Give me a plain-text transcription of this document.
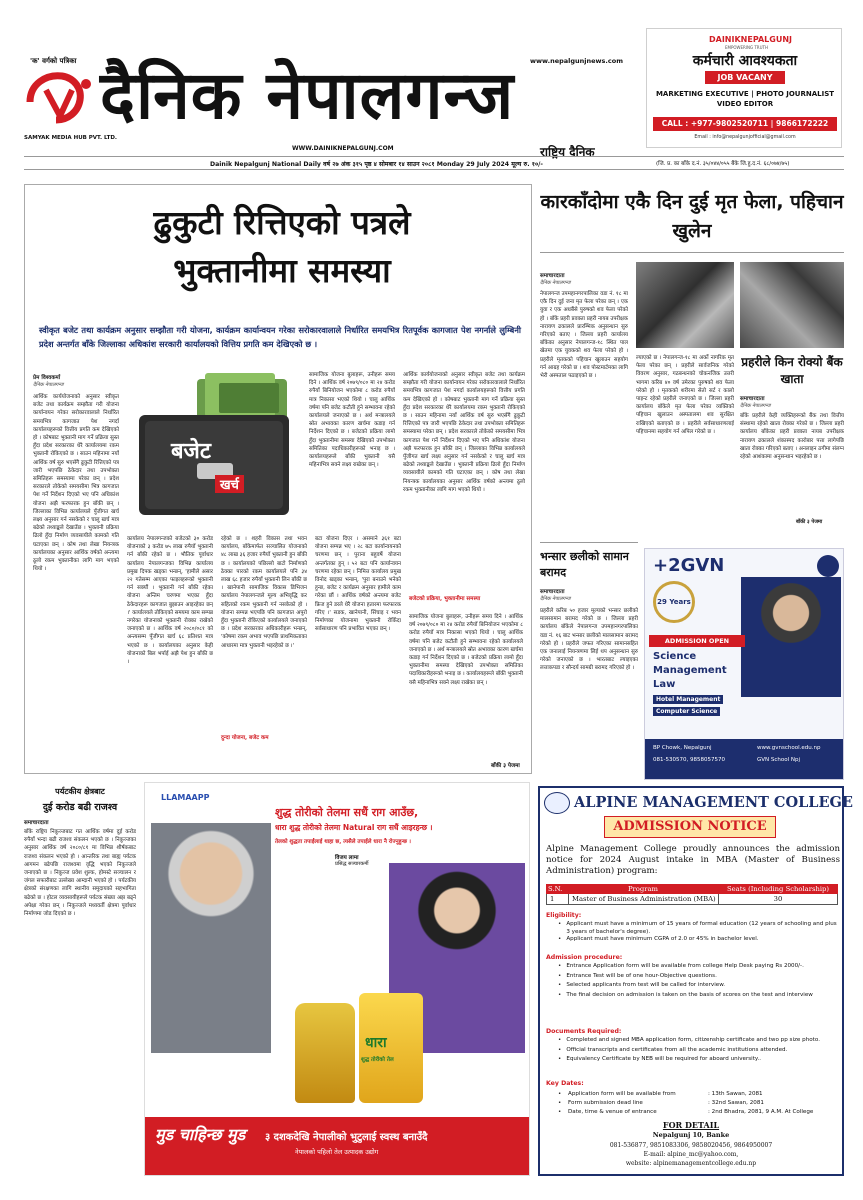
'क' वर्गको पत्रिका
SAMYAK MEDIA HUB PVT. LTD.
दैनिक नेपालगन्ज	www.nepalgunjnews.com
राष्ट्रिय दैनिक
WWW.DAINIKNEPALGUNJ.COM
DAINIKNEPALGUNJ
EMPOWERING TRUTH
कर्मचारी आवश्यकता
JOB VACANY
MARKETING EXECUTIVE | PHOTO JOURNALIST
VIDEO EDITOR
CALL : +977-9802520711 | 9866172222
Email : info@nepalgunjofficial@gmail.com
Dainik Nepalgunj National Daily वर्ष २७ अंक ३१५ पृष्ठ ४ सोमबार १४ साउन २०८१ Monday 29 July 2024 मूल्य रु. १०/-	(जि. प्र. का बाँके द.नं. ३५/०४४/०५५ बैंके जि.हु.द.नं. ६८/०७४/७५)
ढुकुटी रित्तिएको पत्रले भुक्तानीमा समस्या
स्वीकृत बजेट तथा कार्यक्रम अनुसार सम्झौता गरी योजना, कार्यक्रम कार्यान्वयन गरेका सरोकारवालाले निर्धारित समयभित्र रितपूर्वक कागजात पेश नगर्नाले लुम्बिनी प्रदेश अन्तर्गत बाँके जिल्लाका अधिकांश सरकारी कार्यालयको वित्तिय प्रगति कम देखिएको छ ।
प्रेम विश्वकर्मा
दैनिक नेपालगन्ज
आर्थिक कार्ययोजनाको अनुसार स्वीकृत बजेट तथा कार्यक्रम सम्झौता गरी योजना कार्यान्वयन गरेका सरोकारवालाले निर्धारित समयभित्र कागजात पेश नगर्दा कार्यालयहरूको वित्तीय प्रगति कम देखिएको हो । कोषबाट भुक्तानी माग गर्ने प्रक्रिया सुस्त हुँदा प्रदेश सरकारका धेरै कार्यालयमा रकम भुक्तानी रोकिएको छ । साउन महिनामा नयाँ आर्थिक वर्ष सुरु भएसँगै ढुकुटी रित्तिएको पत्र जारी भएपछि ठेकेदार तथा उपभोक्ता समितिहरू समस्यामा परेका छन् । प्रदेश सरकारले तोकेको समयसीमा भित्र कागजात पेश गर्ने निर्देशन दिएको भए पनि अधिकांश योजना अझै फरफारक हुन बाँकी छन् । जिल्लाका विभिन्न कार्यालयले पुँजीगत खर्च लक्ष्य अनुसार गर्न नसकेको र चालु खर्च मात्र बढेको तथ्याङ्कले देखाउँछ । भुक्तानी प्रक्रिया ढिलो हुँदा निर्माण व्यवसायीले कामको गति घटाएका छन् । कोष तथा लेखा नियन्त्रक कार्यालयका अनुसार आर्थिक वर्षको अन्त्यमा ठूलो रकम भुक्तानीका लागि माग भएको थियो ।
बजेट
खर्च
सामाजिक योजना बुलाहरू, उनीहरू समय दिने । आर्थिक वर्ष २०७९/०८० मा २४ करोड रुपैयाँ बिनियोजन भएकोमा ८ करोड रुपैयाँ मात्र निकासा भएको थियो । चालु आर्थिक वर्षमा पनि बजेट कटौती हुने सम्भावना रहेको कार्यालयले जनाएको छ । अर्थ मन्त्रालयले स्रोत अभावका कारण खर्चमा कडाइ गर्न निर्देशन दिएको छ । बजेटको प्रक्रिया लामो हुँदा भुक्तानीमा समस्या देखिएको उपभोक्ता समितिका पदाधिकारीहरूको भनाइ छ । कार्यालयहरूले बाँकी भुक्तानी यसै महिनाभित्र सक्ने लक्ष्य राखेका छन् ।
आर्थिक कार्ययोजनाको अनुसार स्वीकृत बजेट तथा कार्यक्रम सम्झौता गरी योजना कार्यान्वयन गरेका सरोकारवालाले निर्धारित समयभित्र कागजात पेश नगर्दा कार्यालयहरूको वित्तीय प्रगति कम देखिएको हो । कोषबाट भुक्तानी माग गर्ने प्रक्रिया सुस्त हुँदा प्रदेश सरकारका धेरै कार्यालयमा रकम भुक्तानी रोकिएको छ । साउन महिनामा नयाँ आर्थिक वर्ष सुरु भएसँगै ढुकुटी रित्तिएको पत्र जारी भएपछि ठेकेदार तथा उपभोक्ता समितिहरू समस्यामा परेका छन् । प्रदेश सरकारले तोकेको समयसीमा भित्र कागजात पेश गर्ने निर्देशन दिएको भए पनि अधिकांश योजना अझै फरफारक हुन बाँकी छन् । जिल्लाका विभिन्न कार्यालयले पुँजीगत खर्च लक्ष्य अनुसार गर्न नसकेको र चालु खर्च मात्र बढेको तथ्याङ्कले देखाउँछ । भुक्तानी प्रक्रिया ढिलो हुँदा निर्माण व्यवसायीले कामको गति घटाएका छन् । कोष तथा लेखा नियन्त्रक कार्यालयका अनुसार आर्थिक वर्षको अन्त्यमा ठूलो रकम भुक्तानीका लागि माग भएको थियो ।
कार्यालय नेपालगन्जको बजेटको ३० करोड योजनाको ३ करोड ७५ लाख रुपैयाँ भुक्तानी गर्न बाँकी रहेको छ । भौतिक पूर्वाधार कार्यालय नेपालगन्जका विभिन्न कार्यालय प्रमुख दिपक खड्का भन्छन्, 'हामीले असार २२ गतेसम्म आएका फाइलहरूको भुक्तानी गर्न सक्यौं । भुक्तानी गर्न बाँकी रहेका योजना अन्तिम चरणमा भएका हुँदा ठेकेदारहरू कागजात बुझाउन आइरहेका छन् ।' कार्यालयले तोकिएको समयमा काम सम्पन्न नगरेका योजनाको भुक्तानी रोक्का राखेको जनाएको छ । आर्थिक वर्ष २०८०/०८१ को अन्त्यसम्म पूँजीगत खर्च ६८ प्रतिशत मात्र भएको छ । कार्यालयका अनुसार केही योजनाको बिल भर्पाई अझै पेश हुन बाँकी छ ।
रहेको छ । शहरी विकास तथा भवन कार्यालय, बाँकेमार्फत सञ्चालित योजनाको ४८ लाख ३६ हजार रुपैयाँ भुक्तानी हुन बाँकी छ । कार्यालयको पछिल्लो बाटो निर्माणको ठेक्का पारको रकम कार्यालयले पनि ३४ लाख ६८ हजार रुपैयाँ भुक्तानी लिन बाँकी छ । खानेपानी सामाजिक विकास डिभिजन कार्यालय नेपालगन्जले मूल्य अभिवृद्धि कर सहितको रकम भुक्तानी गर्न नसकेको हो । योजना सम्पन्न भएपछि पनि कागजात अपूरो हुँदा भुक्तानी रोकिएको कार्यालयले जनाएको छ । प्रदेश सरकारका अधिकारीहरू भन्छन्, 'कोषमा रकम अभाव भएपछि प्राथमिकताका आधारमा मात्र भुक्तानी भइरहेको छ ।'
दुन्दा योजना, बजेट कम
बटा योजना दिएर । असमाने ३६१ बटा योजना सम्पन्न भए । २८ बटा कार्यान्वयनको चरणमा छन् । पुराना बहुवर्षे योजना अन्तर्गतका हुन् । ५२ बटा पनि कार्यान्वयन चरणमा रहेका छन् । निमित्त कार्यालय प्रमुख विनोद खड्का भन्छन्, 'पुरा बनाउने भनेको हुन्छ, बजेट र कार्यक्रम अनुसार हामीले काम गरेका छौं । आर्थिक वर्षको अन्त्यमा बजेट फ्रिज हुने डरले धेरै योजना हतारमा फरफारक गरिए ।' सडक, खानेपानी, सिंचाइ र भवन निर्माणका योजनामा भुक्तानी रोकिँदा सर्वसाधारण पनि प्रभावित भएका छन् ।
बजेटको प्रक्रिया, भुक्तानीमा समस्या
सामाजिक योजना बुलाहरू, उनीहरू समय दिने । आर्थिक वर्ष २०७९/०८० मा २४ करोड रुपैयाँ बिनियोजन भएकोमा ८ करोड रुपैयाँ मात्र निकासा भएको थियो । चालु आर्थिक वर्षमा पनि बजेट कटौती हुने सम्भावना रहेको कार्यालयले जनाएको छ । अर्थ मन्त्रालयले स्रोत अभावका कारण खर्चमा कडाइ गर्न निर्देशन दिएको छ । बजेटको प्रक्रिया लामो हुँदा भुक्तानीमा समस्या देखिएको उपभोक्ता समितिका पदाधिकारीहरूको भनाइ छ । कार्यालयहरूले बाँकी भुक्तानी यसै महिनाभित्र सक्ने लक्ष्य राखेका छन् ।
बाँकी ३ पेजमा
कारकाँदोमा एकै दिन दुई मृत फेला, पहिचान खुलेन
समाचारदाता
दैनिक नेपालगन्ज
नेपालगन्ज उपमहानगरपालिका वडा नं. १८ मा एकै दिन दुई जना मृत फेला परेका छन् । एक युवा र एक अधबैंसे पुरुषको शव फेला परेको हो । बाँके प्रहरी प्रवक्ता प्रहरी नायब उपरीक्षक नारायण ढकालले प्रारम्भिक अनुसन्धान सुरु गरिएको बताए । जिल्ला प्रहरी कार्यालय बाँकेका अनुसार नेपालगन्ज-१८ स्थित पाल खेतमा एक युवकको शव फेला परेको हो । प्रहरीले मृतकको पहिचान खुलाउन सहयोग गर्न आग्रह गरेको छ । शव पोस्टमार्टमका लागि भेरी अस्पताल पठाइएको छ ।
ल्याएको छ । नेपालगन्ज-१८ मा अर्को नागरिक मृत फेला परेका छन् । प्रहरीले सार्वजनिक गरेको विवरण अनुसार, गठबन्धनको चोकनजिक उत्तरी भागमा करिब ४० वर्ष उमेरका पुरुषको शव फेला परेको हो । मृतकको शरीरमा सेतो सर्ट र कालो पाइन्ट रहेको प्रहरीले जनाएको छ । जिल्ला प्रहरी कार्यालय बाँकेले मृत फेला परेका व्यक्तिको पहिचान खुलाउन अस्पतालमा शव सुरक्षित राखिएको बताएको छ । प्रहरीले सर्वसाधारणलाई पहिचानमा सहयोग गर्न अपिल गरेको छ ।
प्रहरीले किन रोक्यो बैंक खाता
समाचारदाता
दैनिक नेपालगन्ज
बाँके प्रहरीले केही व्यक्तिहरूको बैंक तथा वित्तीय संस्थामा रहेको खाता रोक्का गरेको छ । जिल्ला प्रहरी कार्यालय बाँकेका प्रहरी प्रवक्ता नायब उपरीक्षक नारायण ढकालले शंकास्पद कारोबार पत्ता लागेपछि खाता रोक्का गरिएको बताए । अनलाइन ठगीमा संलग्न रहेको आशंकामा अनुसन्धान भइरहेको छ ।
बाँकी ३ पेजमा
भन्सार छलीको सामान बरामद
समाचारदाता
दैनिक नेपालगन्ज
प्रहरीले करिब ५० हजार मूल्यको भन्सार छलीको मालसामान बरामद गरेको छ । जिल्ला प्रहरी कार्यालय बाँकेले नेपालगन्ज उपमहानगरपालिका वडा नं. १६ बाट भन्सार छलीको मालसामान बरामद गरेको हो । प्रहरीले जफत गरिएका सामानसहित एक जनालाई नियन्त्रणमा लिई थप अनुसन्धान सुरु गरेको जनाएको छ । भारतबाट ल्याइएका लत्ताकपडा र सौन्दर्य सामग्री बरामद गरिएको हो ।
+2GVN
29 Years
ADMISSION OPEN
Science
Management
Law
Hotel Management
Computer Science
BP Chowk, Nepalgunj
081-530570, 9858057570
www.gvnschool.edu.np
GVN School Npj
पर्यटकीय क्षेत्रबाट
दुई करोड बढी राजश्व
समाचारदाता
बाँके राष्ट्रिय निकुञ्जबाट गत आर्थिक वर्षमा दुई करोड रुपैयाँ भन्दा बढी राजश्व संकलन भएको छ । निकुञ्जका अनुसार आर्थिक वर्ष २०८०/८१ मा विभिन्न शीर्षकबाट राजश्व संकलन भएको हो । आन्तरिक तथा बाह्य पर्यटक आगमन बढेपछि राजश्वमा वृद्धि भएको निकुञ्जले जनाएको छ । निकुञ्ज प्रवेश शुल्क, होमस्टे सञ्चालन र जंगल सफारीबाट उल्लेख्य आम्दानी भएको हो । पर्यटकीय क्षेत्रको संरक्षणका लागि स्थानीय समुदायको सहभागिता बढेको छ । होटल व्यवसायीहरूले पर्यटक संख्या अझ बढ्ने अपेक्षा गरेका छन् । निकुञ्जले मध्यवर्ती क्षेत्रमा पूर्वाधार निर्माणमा जोड दिएको छ ।
LLAMAAPP
शुद्ध तोरीको तेलमा सधैं राग आउँछ,
धारा शुद्ध तोरीको तेलमा Natural राग सधैं आइरहन्छ ।
तेलको शुद्धता तपाईंलाई थाहा छ, त्यसैले तपाईंले धारा नै रोज्नुहुन्छ ।
विजय लामा
प्रसिद्ध सञ्चारकर्मी
धारा
शुद्ध तोरीको तेल
मुड चाहिन्छ मुड ३ दशकदेखि नेपालीको भुटुलाई स्वस्थ बनाउँदै
नेपालको पहिलो तेल उत्पादक उद्योग
ALPINE MANAGEMENT COLLEGE
ADMISSION NOTICE
Alpine Management College proudly announces the admission notice for 2024 August intake in MBA (Master of Business Administration) program:
S.N.	Program	Seats (Including Scholarship)
1	Master of Business Administration (MBA)	30
Eligibility:
• Applicant must have a minimum of 15 years of formal education (12 years of schooling and plus 3 years of bachelor's degree).
• Applicant must have minimum CGPA of 2.0 or 45% in bachelor level.
Admission procedure:
• Entrance Application form will be available from college Help Desk paying Rs 2000/-.
• Entrance Test will be of one hour-Objective questions.
• Selected applicants from test will be called for interview.
• The final decision on admission is taken on the basis of scores on the test and interview
Documents Required:
• Completed and signed MBA application form, citizenship certificate and two pp size photo.
• Official transcripts and certificates from all the academic institutions attended.
• Equivalency Certificate by NEB will be required for aboard university..
Key Dates:
•	Application form will be available from	: 13th Sawan, 2081
•	Form submission dead line	: 32nd Sawan, 2081
•	Date, time & venue of entrance	: 2nd Bhadra, 2081, 9 A.M. At College
FOR DETAIL
Nepalgunj 10, Banke
081-536877, 9851083306, 9858020456, 9864950007
E-mail: alpine_mc@yahoo.com,
website: alpinemanagementcollege.edu.np
